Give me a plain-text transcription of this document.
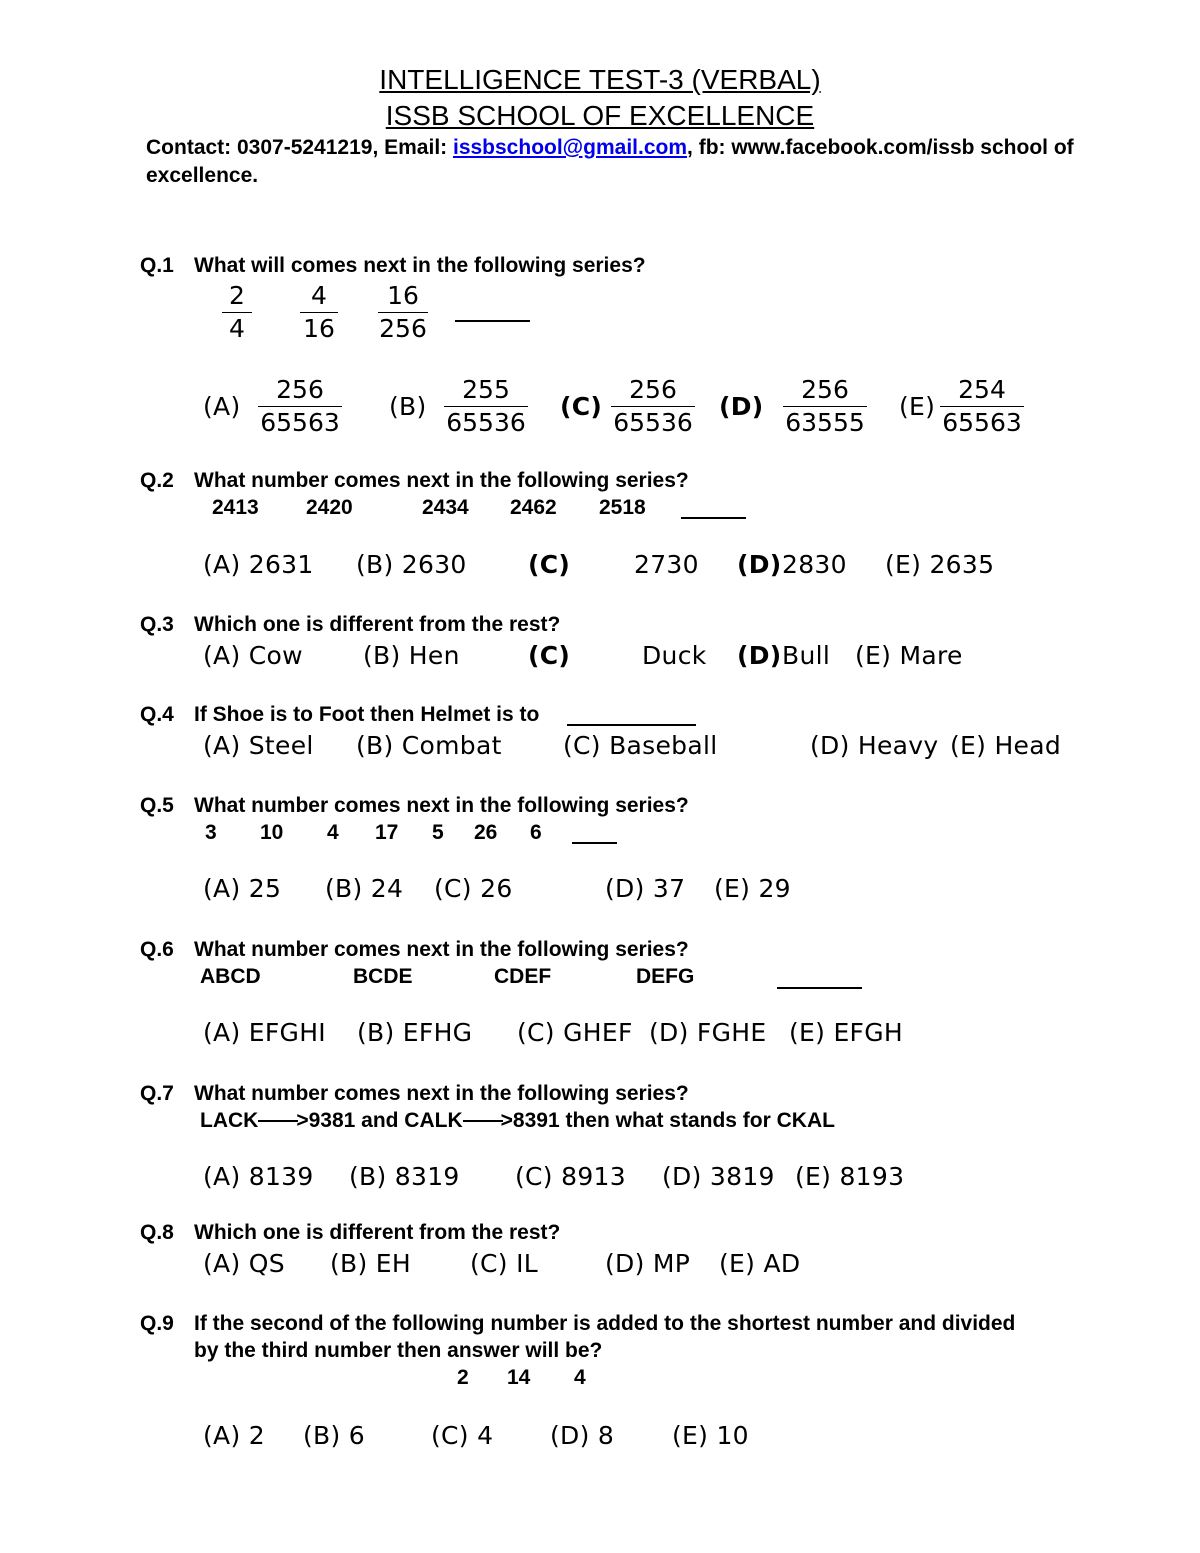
INTELLIGENCE TEST-3 (VERBAL)
ISSB SCHOOL OF EXCELLENCE
Contact: 0307-5241219, Email: issbschool@gmail.com, fb: www.facebook.com/issb school of excellence.
Q.1 What will comes next in the following series?
$\frac{2}{4} \frac{4}{16} \frac{16}{256}$
$(A) \frac{256}{65563} (B) \frac{255}{65536} (C) \frac{256}{65536} (D) \frac{256}{63555} (E) \frac{254}{65563}$
Q.2 What number comes next in the following series?
2413 2420	2434 2462 2518
(A) 2631 (B) 2630 (C)	2730 (D) 2830 (E) 2635
Q.3 Which one is different from the rest?
(A) Cow (B) Hen	(C)	Duck (D) Bull (E) Mare
Q.4 If Shoe is to Foot then Helmet is to
(A) Steel (B) Combat (C) Baseball	(D) Heavy (E) Head
Q.5 What number comes next in the following series?
3 10 4 17 5 26 6
(A) 25 (B) 24 (C) 26	(D) 37 (E) 29
Q.6 What number comes next in the following series?
ABCD	BCDE	CDEF	DEFG
(A) EFGHI (B) EFHG (C) GHEF (D) FGHE (E) EFGH
Q.7 What number comes next in the following series?
LACK >9381 and CALK >8391 then what stands for CKAL
(A) 8139 (B) 8319 (C) 8913 (D) 3819 (E) 8193
Q.8 Which one is different from the rest?
(A) QS (B) EH (C) IL	(D) MP (E) AD
Q.9 If the second of the following number is added to the shortest number and divided
by the third number then answer will be?
2 14 4
(A) 2 (B) 6	(C) 4 (D) 8 (E) 10
